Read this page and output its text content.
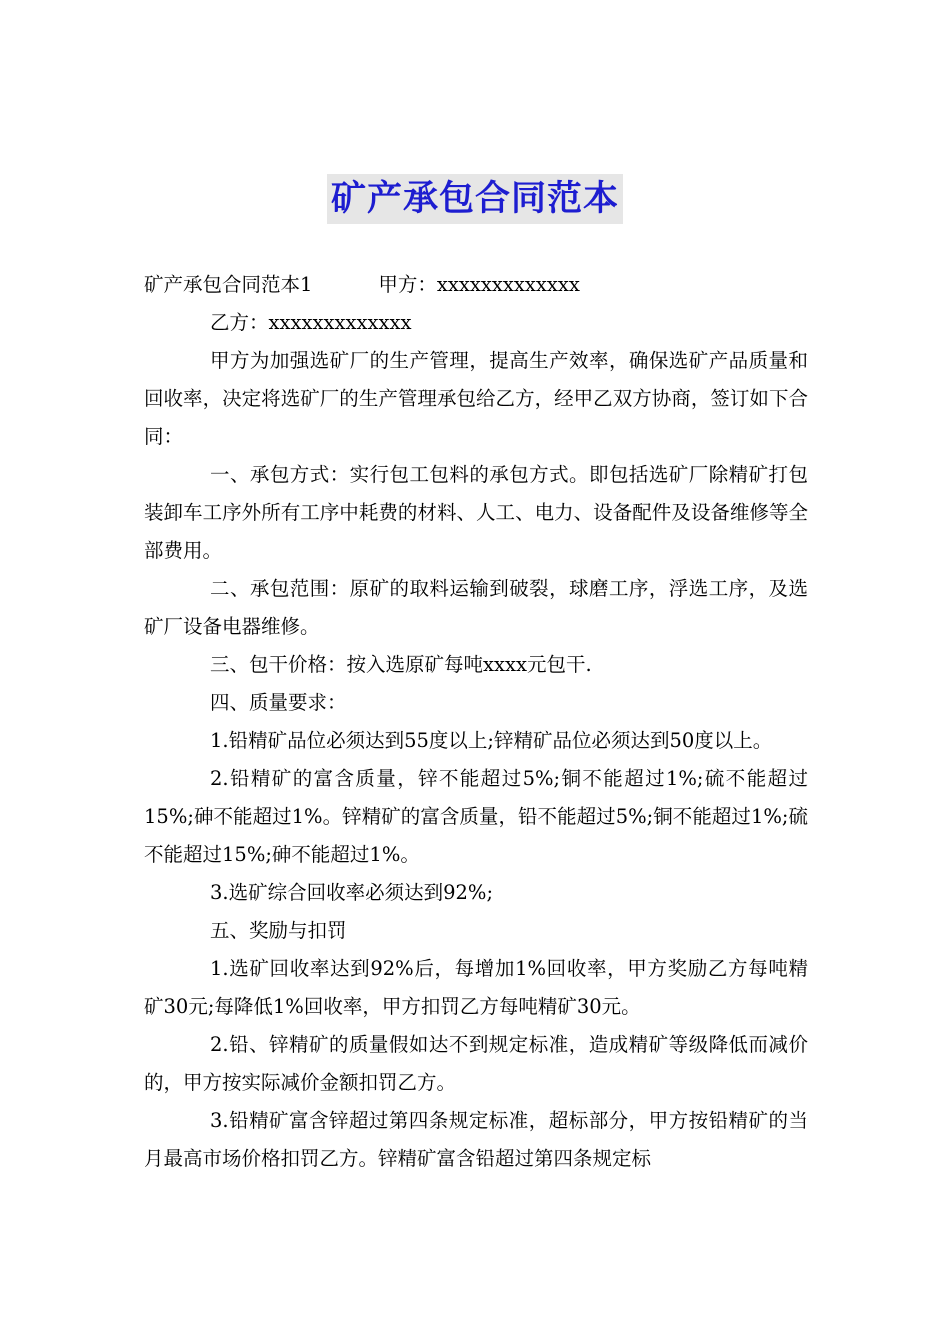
矿产承包合同范本

矿产承包合同范本1	甲方：xxxxxxxxxxxxx

乙方：xxxxxxxxxxxxx

甲方为加强选矿厂的生产管理，提高生产效率，确保选矿产品质量和回收率，决定将选矿厂的生产管理承包给乙方，经甲乙双方协商，签订如下合同：

一、承包方式：实行包工包料的承包方式。即包括选矿厂除精矿打包装卸车工序外所有工序中耗费的材料、人工、电力、设备配件及设备维修等全部费用。

二、承包范围：原矿的取料运输到破裂，球磨工序，浮选工序，及选矿厂设备电器维修。

三、包干价格：按入选原矿每吨xxxx元包干.

四、质量要求：

1.铅精矿品位必须达到55度以上;锌精矿品位必须达到50度以上。

2.铅精矿的富含质量，锌不能超过5%;铜不能超过1%;硫不能超过15%;砷不能超过1%。锌精矿的富含质量，铅不能超过5%;铜不能超过1%;硫不能超过15%;砷不能超过1%。

3.选矿综合回收率必须达到92%;

五、奖励与扣罚

1.选矿回收率达到92%后，每增加1%回收率，甲方奖励乙方每吨精矿30元;每降低1%回收率，甲方扣罚乙方每吨精矿30元。

2.铅、锌精矿的质量假如达不到规定标准，造成精矿等级降低而减价的，甲方按实际减价金额扣罚乙方。

3.铅精矿富含锌超过第四条规定标准，超标部分，甲方按铅精矿的当月最高市场价格扣罚乙方。锌精矿富含铅超过第四条规定标
